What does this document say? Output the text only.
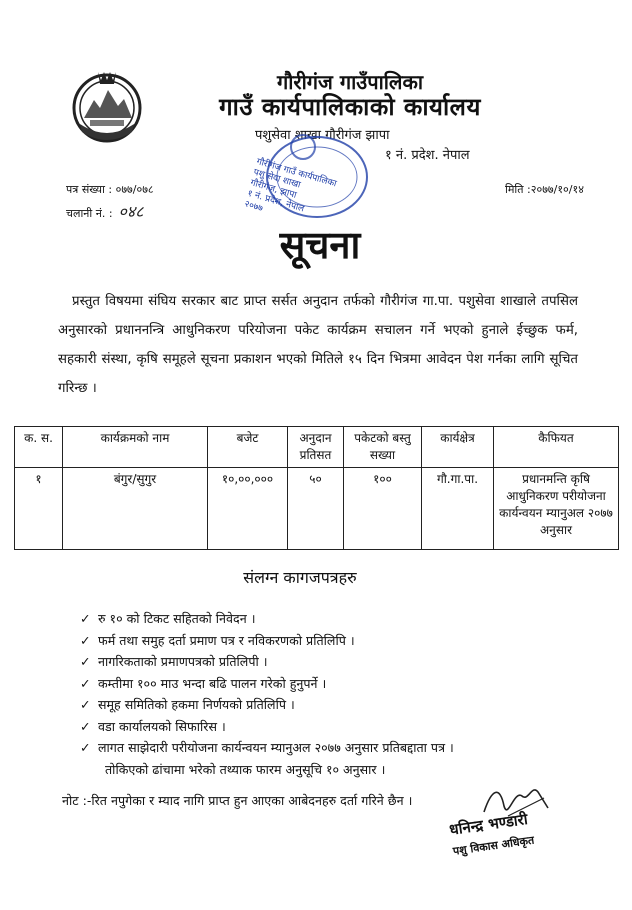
गौरीगंज गाउँपालिका
गाउँ कार्यपालिकाको कार्यालय
पशुसेवा शाखा गौरीगंज झापा
१ नं. प्रदेश. नेपाल
गौरीगंज गाउँ कार्यपालिका
पशु सेवा शाखा
गौरीगंज, झापा
१ नं. प्रदेश, नेपाल
२०७७
पत्र संख्या : ०७७/०७८
चलानी नं. : ०४८
मिति :२०७७/१०/१४
सूचना
प्रस्तुत विषयमा संघिय सरकार बाट प्राप्त सर्सत अनुदान तर्फको गौरीगंज गा.पा. पशुसेवा शाखाले तपसिल अनुसारको प्रधाननन्त्रि आधुनिकरण परियोजना पकेट कार्यक्रम सचालन गर्ने भएको हुनाले ईच्छुक फर्म, सहकारी संस्था, कृषि समूहले सूचना प्रकाशन भएको मितिले १५ दिन भित्रमा आवेदन पेश गर्नका लागि सूचित गरिन्छ ।
क. स.	कार्यक्रमको नाम	बजेट	अनुदान प्रतिसत	पकेटको बस्तु सख्या	कार्यक्षेत्र	कैफियत
१	बंगुर/सुगुर	१०,००,०००	५०	१००	गौ.गा.पा.	प्रधानमन्ति कृषि आधुनिकरण परीयोजना कार्यन्वयन म्यानुअल २०७७ अनुसार
संलग्न कागजपत्रहरु
✓ रु १० को टिकट सहितको निवेदन ।
✓ फर्म तथा समुह दर्ता प्रमाण पत्र र नविकरणको प्रतिलिपि ।
✓ नागरिकताको प्रमाणपत्रको प्रतिलिपी ।
✓ कम्तीमा १०० माउ भन्दा बढि पालन गरेको हुनुपर्ने ।
✓ समूह समितिको हकमा निर्णयको प्रतिलिपि ।
✓ वडा कार्यालयको सिफारिस ।
✓ लागत साझेदारी परीयोजना कार्यन्वयन म्यानुअल २०७७ अनुसार प्रतिबद्दाता पत्र ।
तोकिएको ढांचामा भरेको तथ्याक फारम अनुसूचि १० अनुसार ।
नोट :-रित नपुगेका र म्याद नागि प्राप्त हुन आएका आबेदनहरु दर्ता गरिने छैन ।
धनिन्द्र भण्डारी
पशु विकास अधिकृत
